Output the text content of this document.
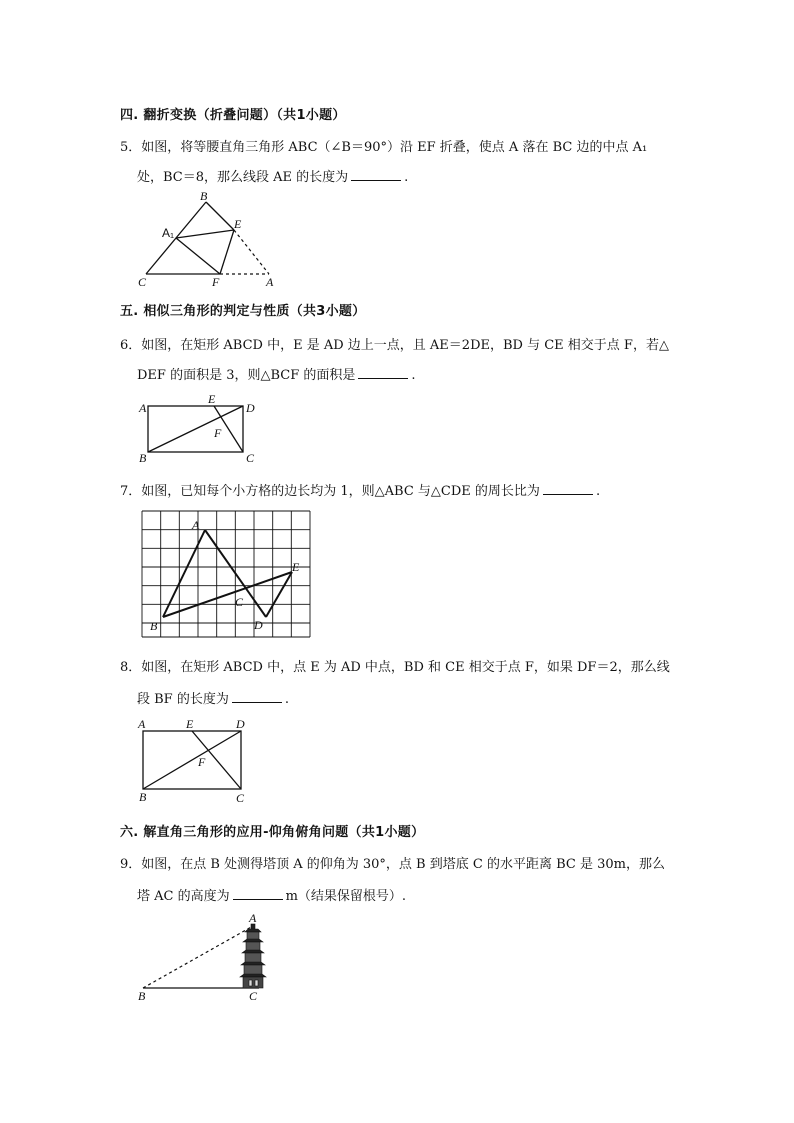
四. 翻折变换（折叠问题）（共1小题）
5．如图，将等腰直角三角形 ABC（∠B＝90°）沿 EF 折叠，使点 A 落在 BC 边的中点 A₁
处，BC＝8，那么线段 AE 的长度为	.
B
E
A₁
C	F	A
五. 相似三角形的判定与性质（共3小题）
6．如图，在矩形 ABCD 中，E 是 AD 边上一点，且 AE＝2DE，BD 与 CE 相交于点 F，若△
DEF 的面积是 3，则△BCF 的面积是	.
A
E
D
F
B	C
7．如图，已知每个小方格的边长均为 1，则△ABC 与△CDE 的周长比为	.
A
E
C
B	D
8．如图，在矩形 ABCD 中，点 E 为 AD 中点，BD 和 CE 相交于点 F，如果 DF＝2，那么线
段 BF 的长度为	.
A	E	D
F
B	C
六. 解直角三角形的应用-仰角俯角问题（共1小题）
9．如图，在点 B 处测得塔顶 A 的仰角为 30°，点 B 到塔底 C 的水平距离 BC 是 30m，那么
塔 AC 的高度为	m（结果保留根号）.
A
B	C
